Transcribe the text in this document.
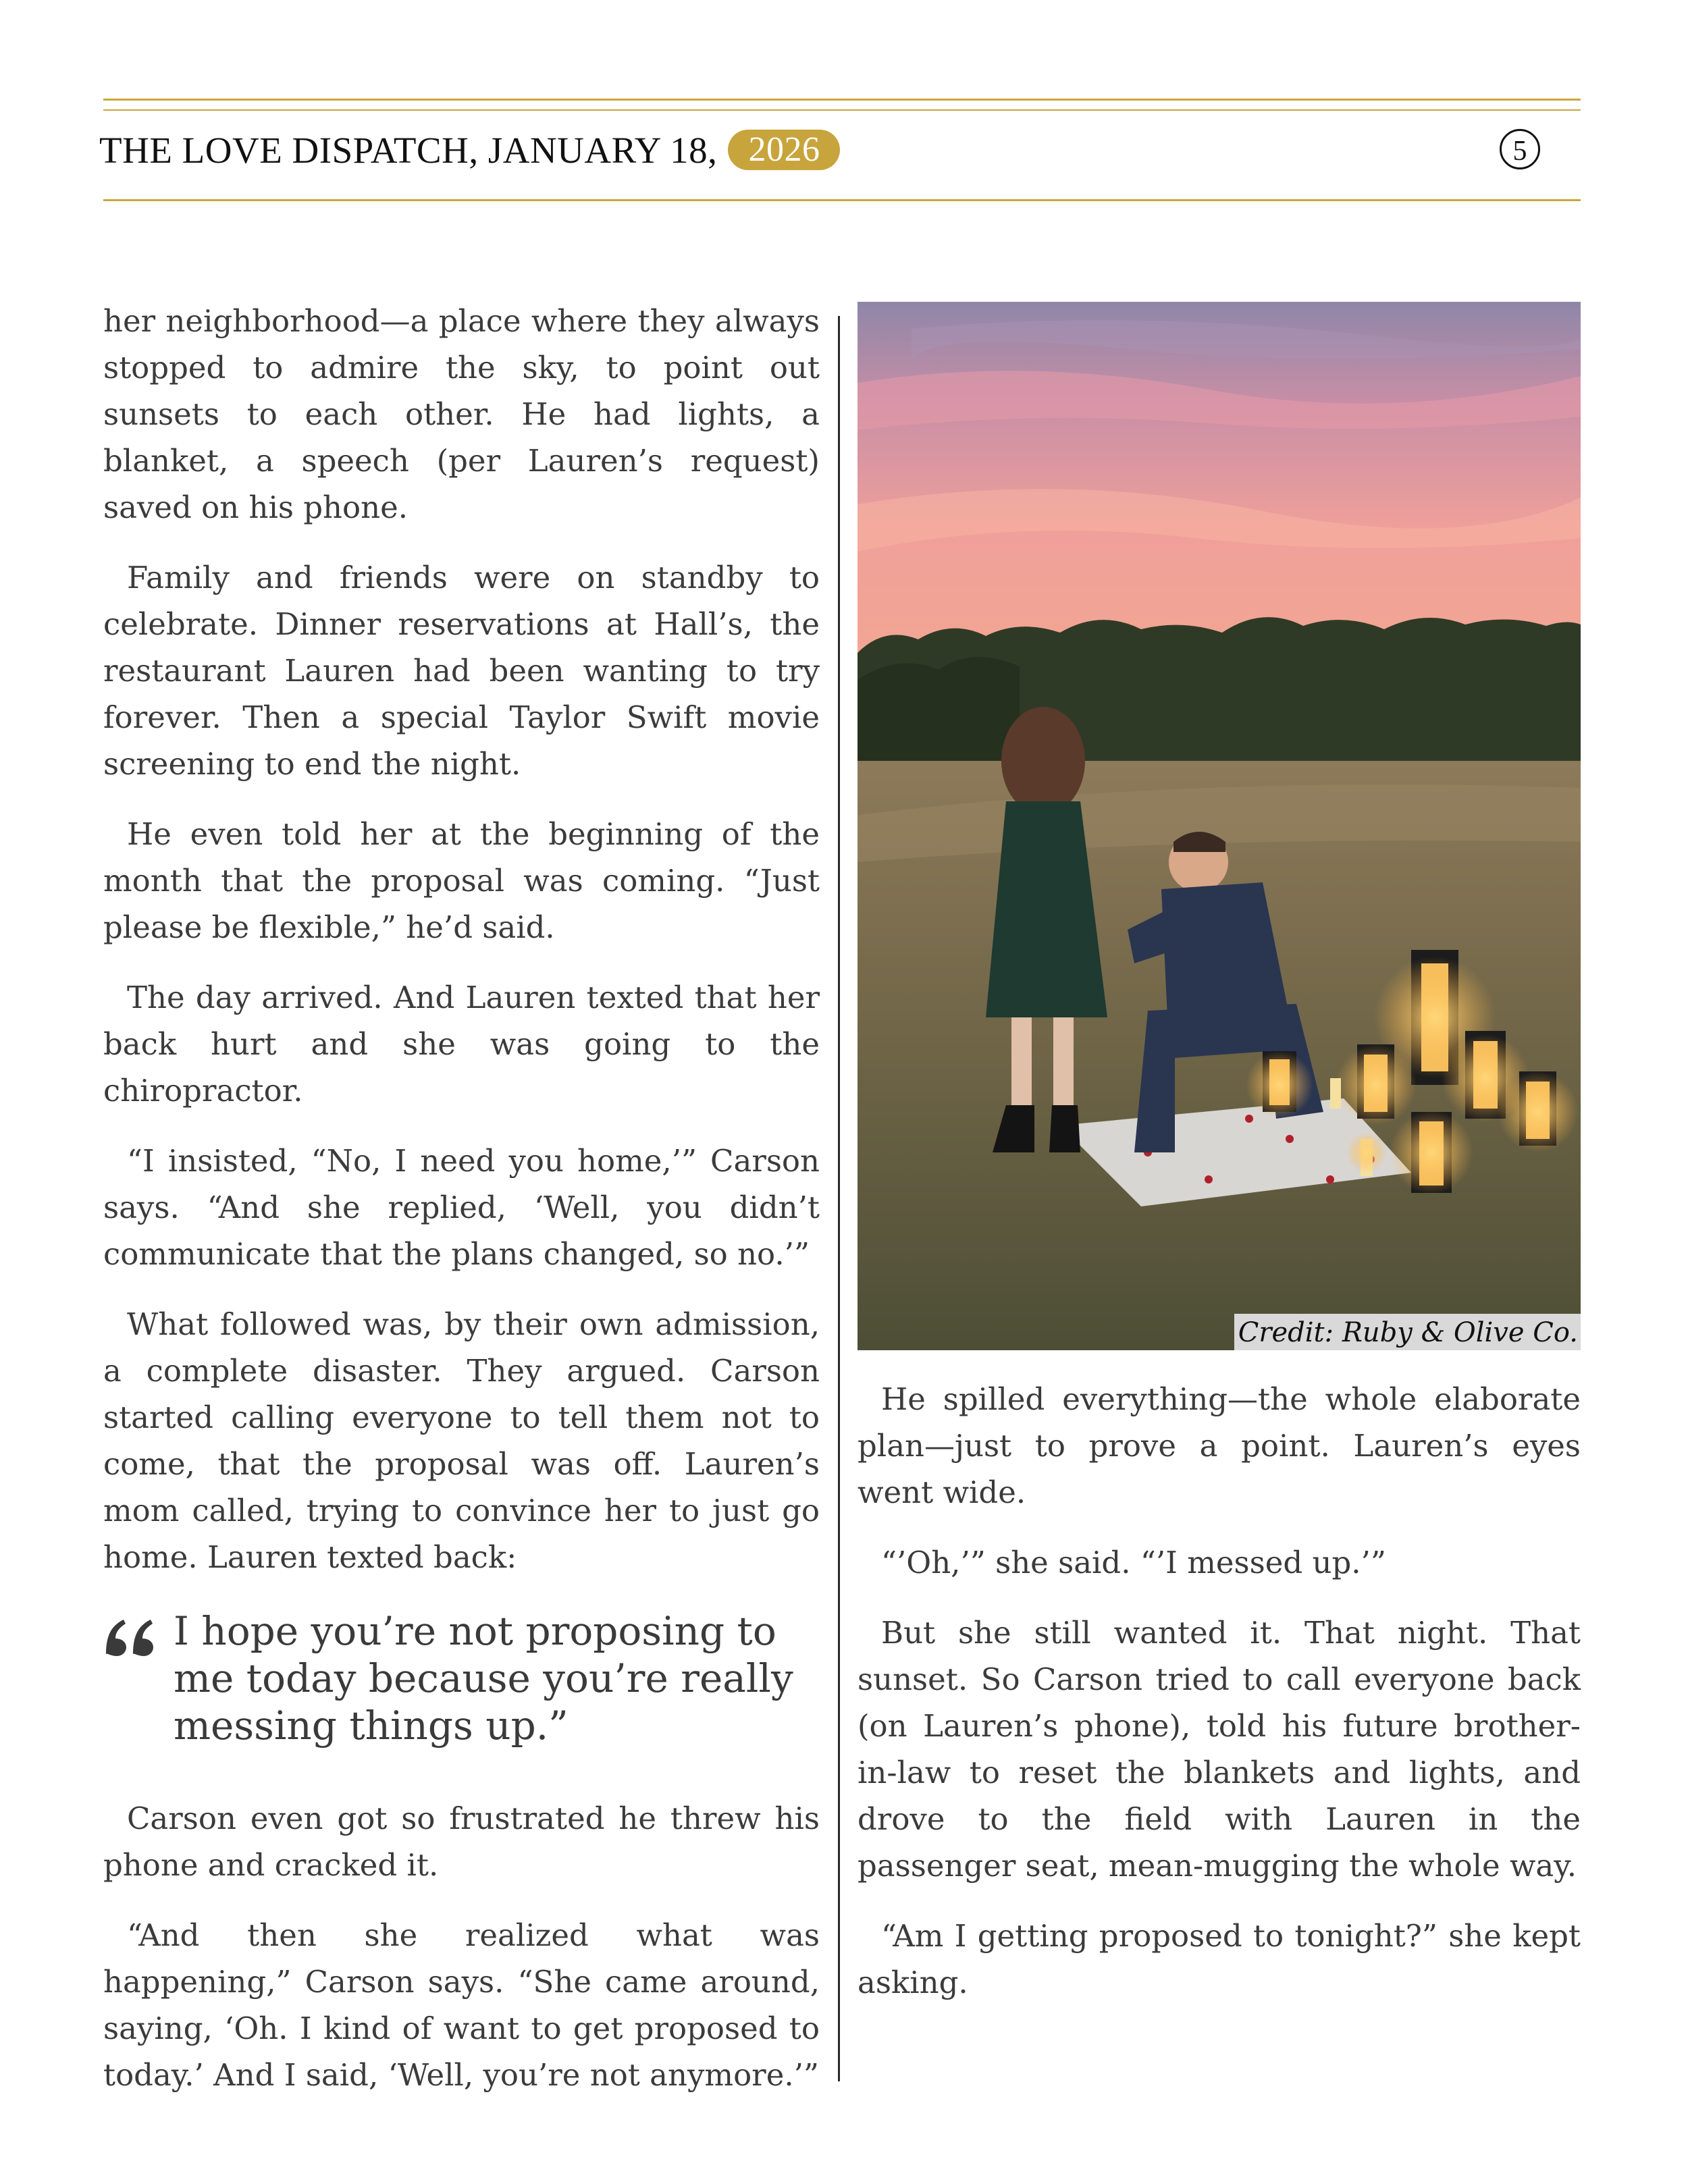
THE LOVE DISPATCH, JANUARY 18, 2026	5

her neighborhood—a place where they always stopped to admire the sky, to point out sunsets to each other. He had lights, a blanket, a speech (per Lauren’s request) saved on his phone.

Family and friends were on standby to celebrate. Dinner reservations at Hall’s, the restaurant Lauren had been wanting to try forever. Then a special Taylor Swift movie screening to end the night.

He even told her at the beginning of the month that the proposal was coming. “Just please be flexible,” he’d said.

The day arrived. And Lauren texted that her back hurt and she was going to the chiropractor.

“I insisted, “No, I need you home,’” Carson says. “And she replied, ‘Well, you didn’t communicate that the plans changed, so no.’”

What followed was, by their own admission, a complete disaster. They argued. Carson started calling everyone to tell them not to come, that the proposal was off. Lauren’s mom called, trying to convince her to just go home. Lauren texted back:

I hope you’re not proposing to me today because you’re really messing things up.”

Carson even got so frustrated he threw his phone and cracked it.

“And then she realized what was happening,” Carson says. “She came around, saying, ‘Oh. I kind of want to get proposed to today.’ And I said, ‘Well, you’re not anymore.’”

Credit: Ruby & Olive Co.

He spilled everything—the whole elaborate plan—just to prove a point. Lauren’s eyes went wide.

“’Oh,’” she said. “’I messed up.’”

But she still wanted it. That night. That sunset. So Carson tried to call everyone back (on Lauren’s phone), told his future brother-in-law to reset the blankets and lights, and drove to the field with Lauren in the passenger seat, mean-mugging the whole way.

“Am I getting proposed to tonight?” she kept asking.
